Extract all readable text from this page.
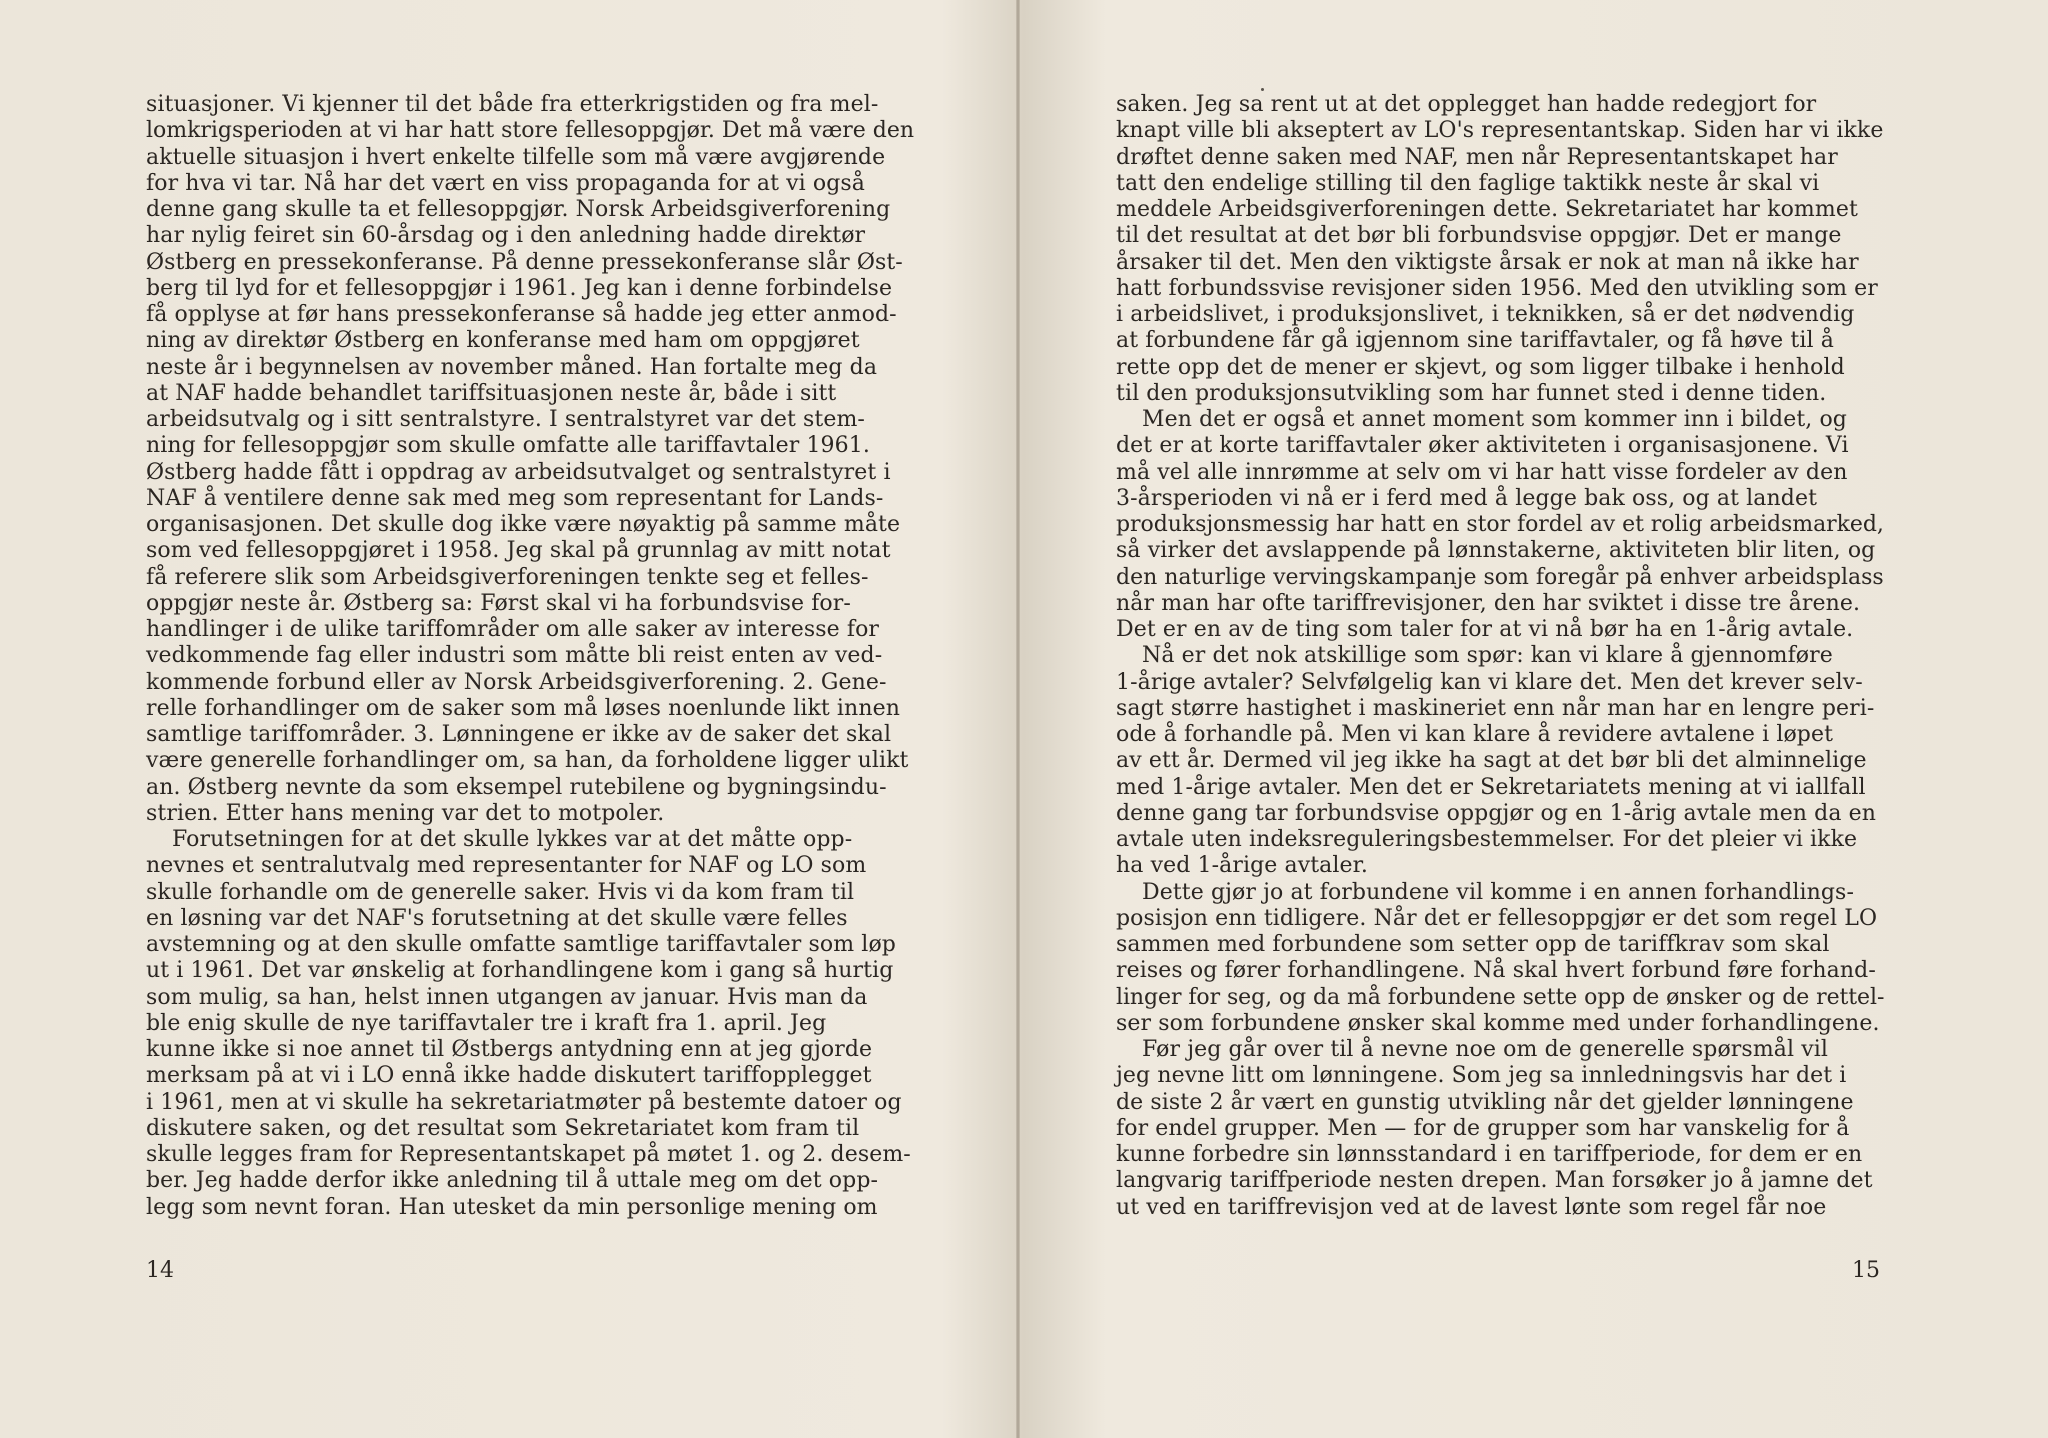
situasjoner. Vi kjenner til det både fra etterkrigstiden og fra mel-
lomkrigsperioden at vi har hatt store fellesoppgjør. Det må være den
aktuelle situasjon i hvert enkelte tilfelle som må være avgjørende
for hva vi tar. Nå har det vært en viss propaganda for at vi også
denne gang skulle ta et fellesoppgjør. Norsk Arbeidsgiverforening
har nylig feiret sin 60-årsdag og i den anledning hadde direktør
Østberg en pressekonferanse. På denne pressekonferanse slår Øst-
berg til lyd for et fellesoppgjør i 1961. Jeg kan i denne forbindelse
få opplyse at før hans pressekonferanse så hadde jeg etter anmod-
ning av direktør Østberg en konferanse med ham om oppgjøret
neste år i begynnelsen av november måned. Han fortalte meg da
at NAF hadde behandlet tariffsituasjonen neste år, både i sitt
arbeidsutvalg og i sitt sentralstyre. I sentralstyret var det stem-
ning for fellesoppgjør som skulle omfatte alle tariffavtaler 1961.
Østberg hadde fått i oppdrag av arbeidsutvalget og sentralstyret i
NAF å ventilere denne sak med meg som representant for Lands-
organisasjonen. Det skulle dog ikke være nøyaktig på samme måte
som ved fellesoppgjøret i 1958. Jeg skal på grunnlag av mitt notat
få referere slik som Arbeidsgiverforeningen tenkte seg et felles-
oppgjør neste år. Østberg sa: Først skal vi ha forbundsvise for-
handlinger i de ulike tariffområder om alle saker av interesse for
vedkommende fag eller industri som måtte bli reist enten av ved-
kommende forbund eller av Norsk Arbeidsgiverforening. 2. Gene-
relle forhandlinger om de saker som må løses noenlunde likt innen
samtlige tariffområder. 3. Lønningene er ikke av de saker det skal
være generelle forhandlinger om, sa han, da forholdene ligger ulikt
an. Østberg nevnte da som eksempel rutebilene og bygningsindu-
strien. Etter hans mening var det to motpoler.
Forutsetningen for at det skulle lykkes var at det måtte opp-
nevnes et sentralutvalg med representanter for NAF og LO som
skulle forhandle om de generelle saker. Hvis vi da kom fram til
en løsning var det NAF's forutsetning at det skulle være felles
avstemning og at den skulle omfatte samtlige tariffavtaler som løp
ut i 1961. Det var ønskelig at forhandlingene kom i gang så hurtig
som mulig, sa han, helst innen utgangen av januar. Hvis man da
ble enig skulle de nye tariffavtaler tre i kraft fra 1. april. Jeg
kunne ikke si noe annet til Østbergs antydning enn at jeg gjorde
merksam på at vi i LO ennå ikke hadde diskutert tariffopplegget
i 1961, men at vi skulle ha sekretariatmøter på bestemte datoer og
diskutere saken, og det resultat som Sekretariatet kom fram til
skulle legges fram for Representantskapet på møtet 1. og 2. desem-
ber. Jeg hadde derfor ikke anledning til å uttale meg om det opp-
legg som nevnt foran. Han utesket da min personlige mening om
saken. Jeg sa rent ut at det opplegget han hadde redegjort for
knapt ville bli akseptert av LO's representantskap. Siden har vi ikke
drøftet denne saken med NAF, men når Representantskapet har
tatt den endelige stilling til den faglige taktikk neste år skal vi
meddele Arbeidsgiverforeningen dette. Sekretariatet har kommet
til det resultat at det bør bli forbundsvise oppgjør. Det er mange
årsaker til det. Men den viktigste årsak er nok at man nå ikke har
hatt forbundssvise revisjoner siden 1956. Med den utvikling som er
i arbeidslivet, i produksjonslivet, i teknikken, så er det nødvendig
at forbundene får gå igjennom sine tariffavtaler, og få høve til å
rette opp det de mener er skjevt, og som ligger tilbake i henhold
til den produksjonsutvikling som har funnet sted i denne tiden.
Men det er også et annet moment som kommer inn i bildet, og
det er at korte tariffavtaler øker aktiviteten i organisasjonene. Vi
må vel alle innrømme at selv om vi har hatt visse fordeler av den
3-årsperioden vi nå er i ferd med å legge bak oss, og at landet
produksjonsmessig har hatt en stor fordel av et rolig arbeidsmarked,
så virker det avslappende på lønnstakerne, aktiviteten blir liten, og
den naturlige vervingskampanje som foregår på enhver arbeidsplass
når man har ofte tariffrevisjoner, den har sviktet i disse tre årene.
Det er en av de ting som taler for at vi nå bør ha en 1-årig avtale.
Nå er det nok atskillige som spør: kan vi klare å gjennomføre
1-årige avtaler? Selvfølgelig kan vi klare det. Men det krever selv-
sagt større hastighet i maskineriet enn når man har en lengre peri-
ode å forhandle på. Men vi kan klare å revidere avtalene i løpet
av ett år. Dermed vil jeg ikke ha sagt at det bør bli det alminnelige
med 1-årige avtaler. Men det er Sekretariatets mening at vi iallfall
denne gang tar forbundsvise oppgjør og en 1-årig avtale men da en
avtale uten indeksreguleringsbestemmelser. For det pleier vi ikke
ha ved 1-årige avtaler.
Dette gjør jo at forbundene vil komme i en annen forhandlings-
posisjon enn tidligere. Når det er fellesoppgjør er det som regel LO
sammen med forbundene som setter opp de tariffkrav som skal
reises og fører forhandlingene. Nå skal hvert forbund føre forhand-
linger for seg, og da må forbundene sette opp de ønsker og de rettel-
ser som forbundene ønsker skal komme med under forhandlingene.
Før jeg går over til å nevne noe om de generelle spørsmål vil
jeg nevne litt om lønningene. Som jeg sa innledningsvis har det i
de siste 2 år vært en gunstig utvikling når det gjelder lønningene
for endel grupper. Men — for de grupper som har vanskelig for å
kunne forbedre sin lønnsstandard i en tariffperiode, for dem er en
langvarig tariffperiode nesten drepen. Man forsøker jo å jamne det
ut ved en tariffrevisjon ved at de lavest lønte som regel får noe
14	15
